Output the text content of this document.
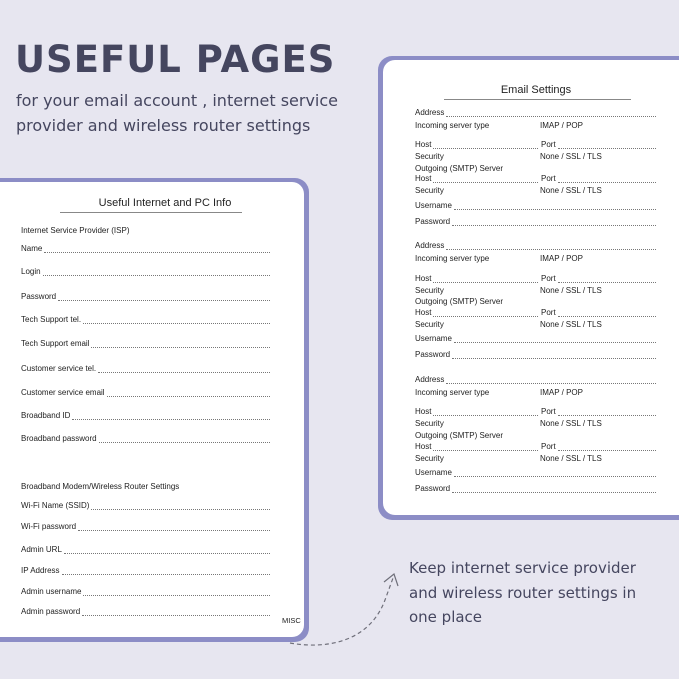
USEFUL PAGES
for your email account , internet service provider and wireless router settings
Keep internet service provider and wireless router settings in one place
Useful Internet and PC Info
Internet Service Provider (ISP)
Name
Login
Password
Tech Support tel.
Tech Support email
Customer service tel.
Customer service email
Broadband ID
Broadband password
Broadband Modem/Wireless Router Settings
Wi-Fi Name (SSID)
Wi-Fi password
Admin URL
IP Address
Admin username
Admin password
MISC
Email Settings
Address
Incoming server type	IMAP / POP
Host	Port
Security	None / SSL / TLS
Outgoing (SMTP) Server
Host	Port
Security	None / SSL / TLS
Username
Password
Address
Incoming server type	IMAP / POP
Host	Port
Security	None / SSL / TLS
Outgoing (SMTP) Server
Host	Port
Security	None / SSL / TLS
Username
Password
Address
Incoming server type	IMAP / POP
Host	Port
Security	None / SSL / TLS
Outgoing (SMTP) Server
Host	Port
Security	None / SSL / TLS
Username
Password
